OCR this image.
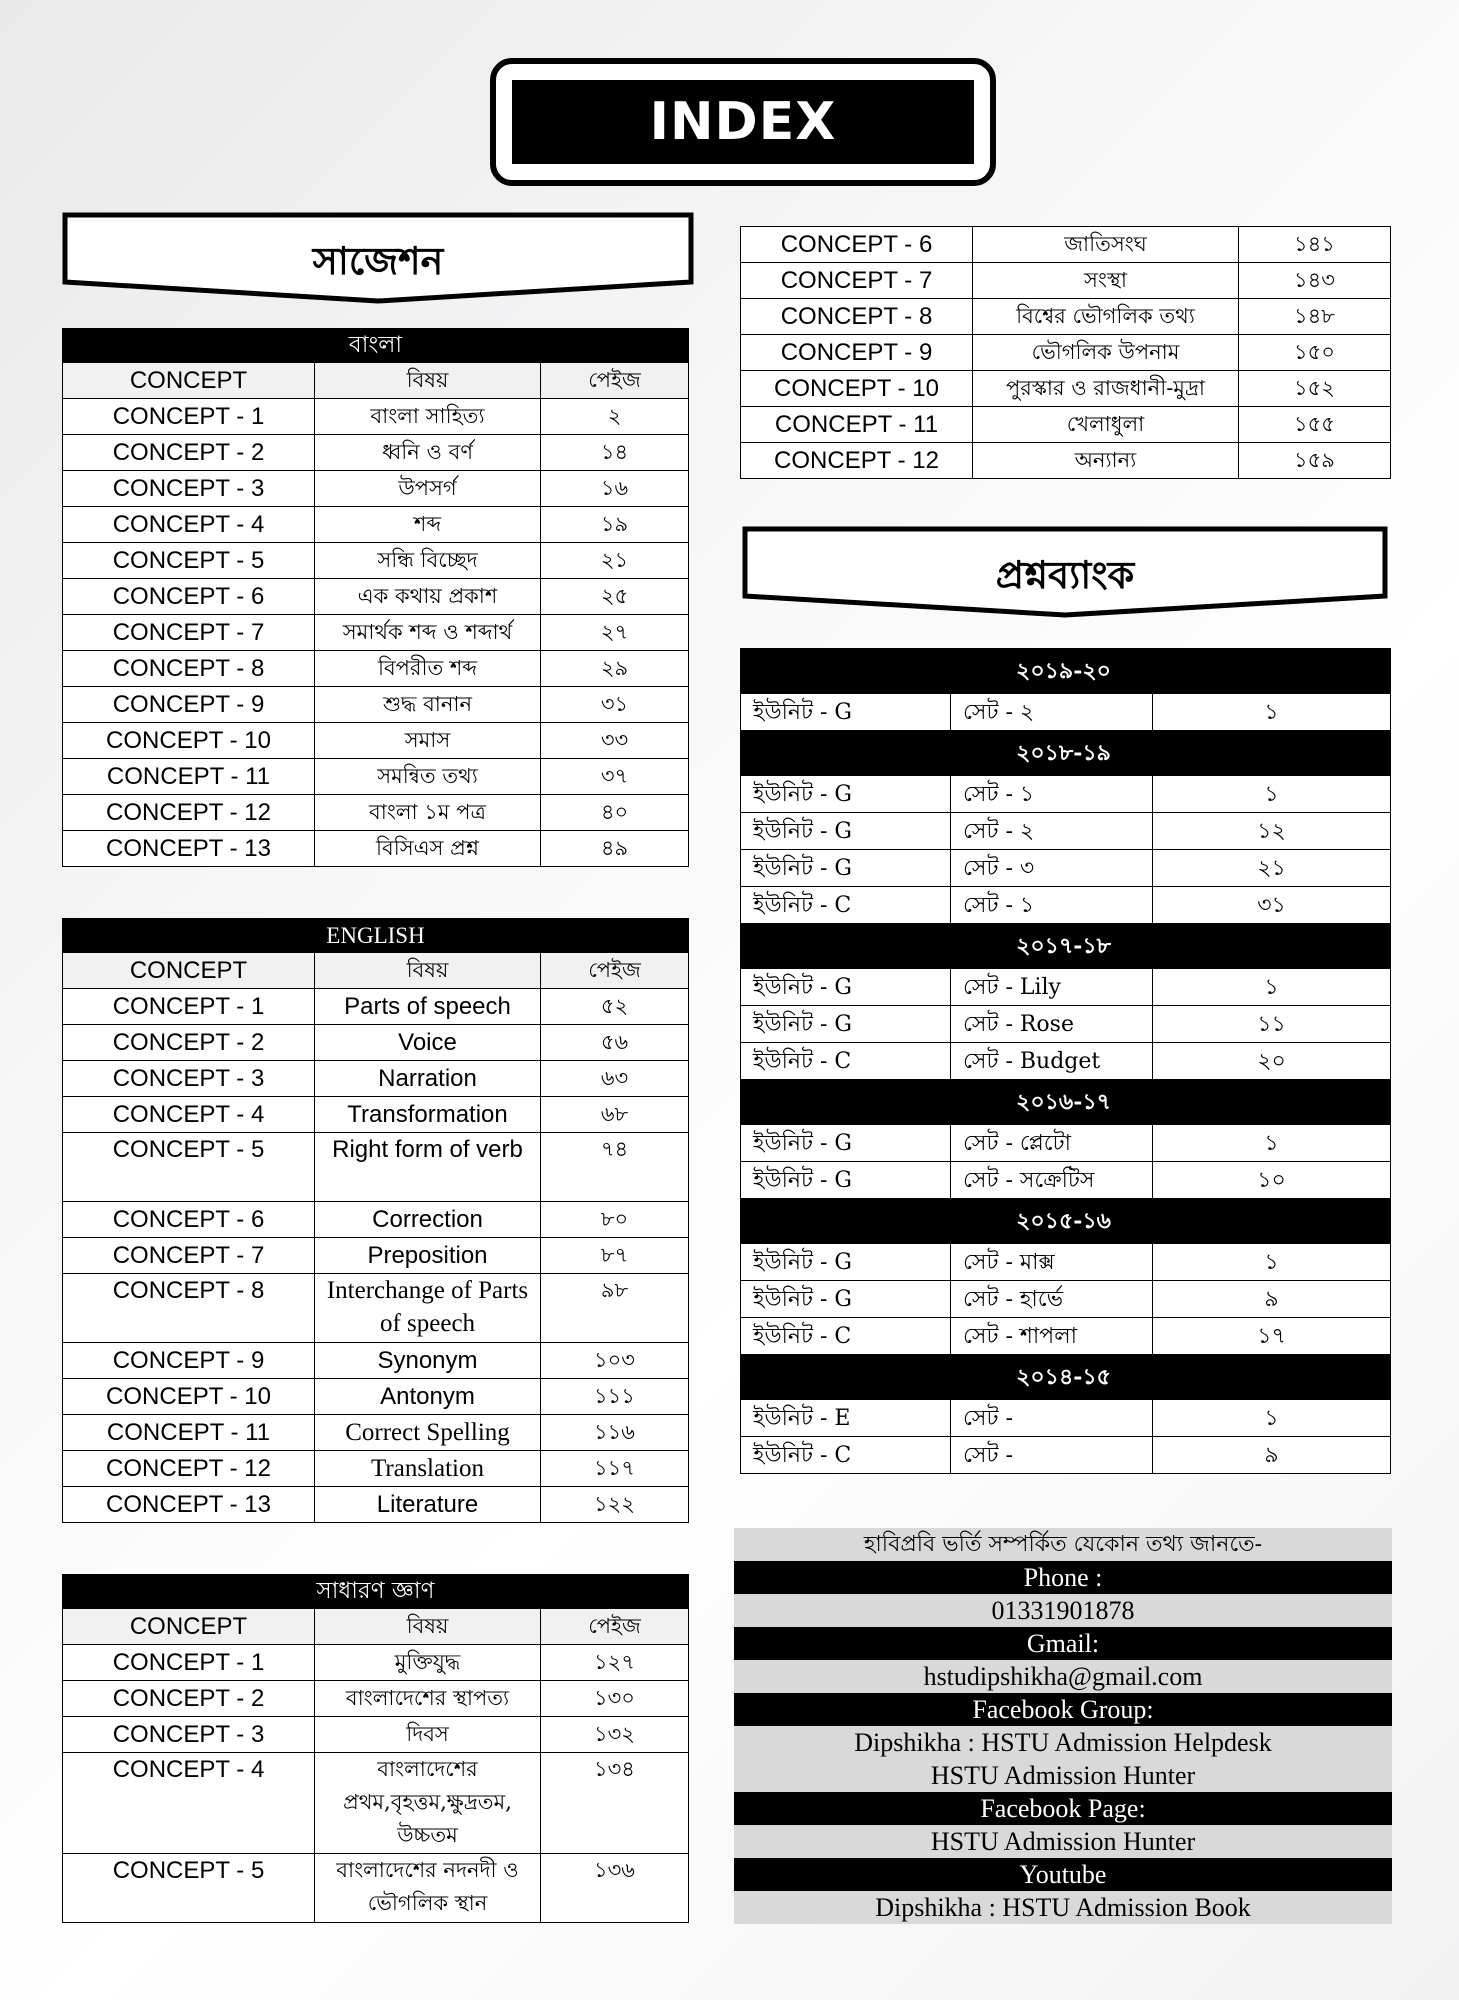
INDEX
সাজেশন
প্রশ্নব্যাংক
বাংলা		
CONCEPT	বিষয়	পেইজ
CONCEPT - 1	বাংলা সাহিত্য	২
CONCEPT - 2	ধ্বনি ও বর্ণ	১৪
CONCEPT - 3	উপসর্গ	১৬
CONCEPT - 4	শব্দ	১৯
CONCEPT - 5	সন্ধি বিচ্ছেদ	২১
CONCEPT - 6	এক কথায় প্রকাশ	২৫
CONCEPT - 7	সমার্থক শব্দ ও শব্দার্থ	২৭
CONCEPT - 8	বিপরীত শব্দ	২৯
CONCEPT - 9	শুদ্ধ বানান	৩১
CONCEPT - 10	সমাস	৩৩
CONCEPT - 11	সমন্বিত তথ্য	৩৭
CONCEPT - 12	বাংলা ১ম পত্র	৪০
CONCEPT - 13	বিসিএস প্রশ্ন	৪৯
ENGLISH		
CONCEPT	বিষয়	পেইজ
CONCEPT - 1	Parts of speech	৫২
CONCEPT - 2	Voice	৫৬
CONCEPT - 3	Narration	৬৩
CONCEPT - 4	Transformation	৬৮
CONCEPT - 5	Right form of verb	৭৪
CONCEPT - 6	Correction	৮০
CONCEPT - 7	Preposition	৮৭
CONCEPT - 8	Interchange of Parts of speech	৯৮
CONCEPT - 9	Synonym	১০৩
CONCEPT - 10	Antonym	১১১
CONCEPT - 11	Correct Spelling	১১৬
CONCEPT - 12	Translation	১১৭
CONCEPT - 13	Literature	১২২
সাধারণ জ্ঞাণ		
CONCEPT	বিষয়	পেইজ
CONCEPT - 1	মুক্তিযুদ্ধ	১২৭
CONCEPT - 2	বাংলাদেশের স্থাপত্য	১৩০
CONCEPT - 3	দিবস	১৩২
CONCEPT - 4	বাংলাদেশের প্রথম,বৃহত্তম,ক্ষুদ্রতম, উচ্চতম	১৩৪
CONCEPT - 5	বাংলাদেশের নদনদী ও ভৌগলিক স্থান	১৩৬
CONCEPT - 6	জাতিসংঘ	১৪১
CONCEPT - 7	সংস্থা	১৪৩
CONCEPT - 8	বিশ্বের ভৌগলিক তথ্য	১৪৮
CONCEPT - 9	ভৌগলিক উপনাম	১৫০
CONCEPT - 10	পুরস্কার ও রাজধানী-মুদ্রা	১৫২
CONCEPT - 11	খেলাধুলা	১৫৫
CONCEPT - 12	অন্যান্য	১৫৯
২০১৯-২০		
ইউনিট - G	সেট - ২	১
২০১৮-১৯		
ইউনিট - G	সেট - ১	১
ইউনিট - G	সেট - ২	১২
ইউনিট - G	সেট - ৩	২১
ইউনিট - C	সেট - ১	৩১
২০১৭-১৮		
ইউনিট - G	সেট - Lily	১
ইউনিট - G	সেট - Rose	১১
ইউনিট - C	সেট - Budget	২০
২০১৬-১৭		
ইউনিট - G	সেট - প্লেটো	১
ইউনিট - G	সেট - সক্রেটিস	১০
২০১৫-১৬		
ইউনিট - G	সেট - মাক্স	১
ইউনিট - G	সেট - হার্ভে	৯
ইউনিট - C	সেট - শাপলা	১৭
২০১৪-১৫		
ইউনিট - E	সেট -	১
ইউনিট - C	সেট -	৯
হাবিপ্রবি ভর্তি সম্পর্কিত যেকোন তথ্য জানতে-
Phone :
01331901878
Gmail:
hstudipshikha@gmail.com
Facebook Group:
Dipshikha : HSTU Admission Helpdesk
HSTU Admission Hunter
Facebook Page:
HSTU Admission Hunter
Youtube
Dipshikha : HSTU Admission Book
